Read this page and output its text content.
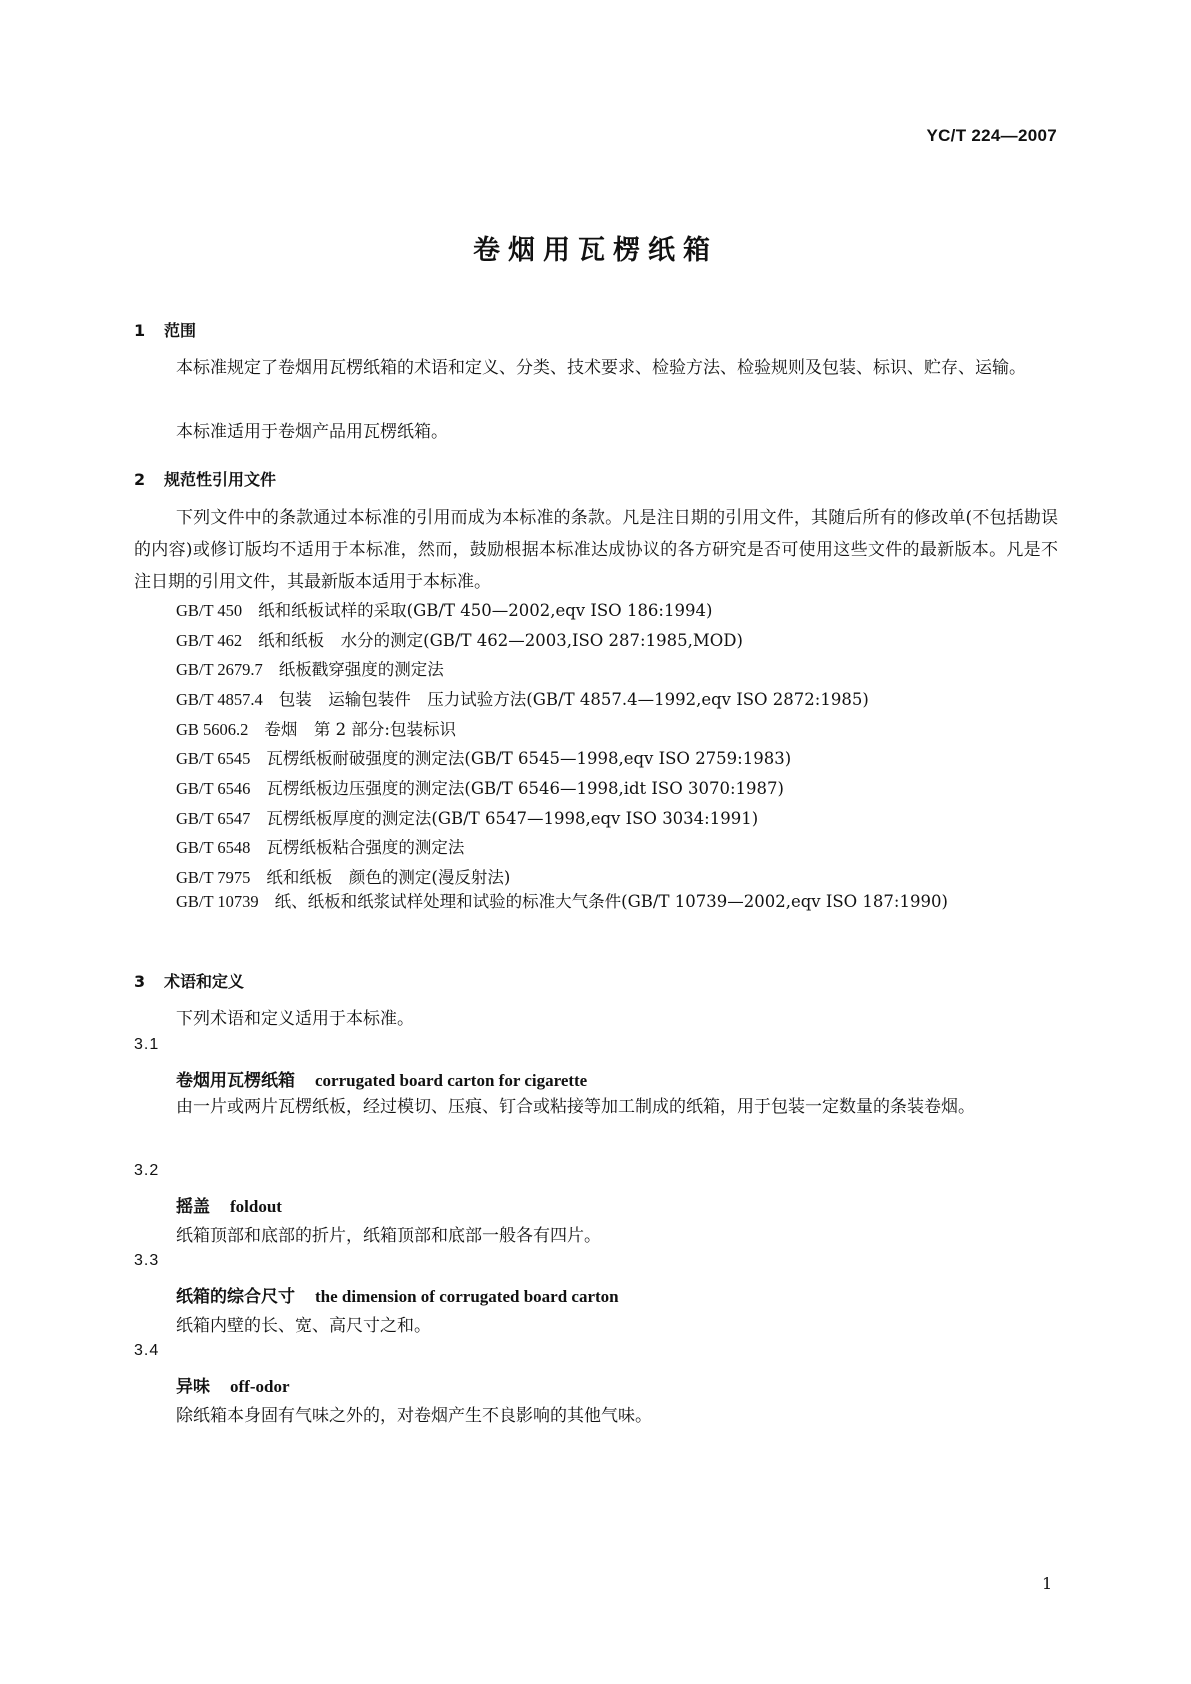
YC/T 224—2007
卷烟用瓦楞纸箱
1 范围
本标准规定了卷烟用瓦楞纸箱的术语和定义、分类、技术要求、检验方法、检验规则及包装、标识、贮存、运输。
本标准适用于卷烟产品用瓦楞纸箱。
2 规范性引用文件
下列文件中的条款通过本标准的引用而成为本标准的条款。凡是注日期的引用文件，其随后所有的修改单(不包括勘误的内容)或修订版均不适用于本标准，然而，鼓励根据本标准达成协议的各方研究是否可使用这些文件的最新版本。凡是不注日期的引用文件，其最新版本适用于本标准。
GB/T 450 纸和纸板试样的采取(GB/T 450—2002,eqv ISO 186:1994)
GB/T 462 纸和纸板　水分的测定(GB/T 462—2003,ISO 287:1985,MOD)
GB/T 2679.7 纸板戳穿强度的测定法
GB/T 4857.4 包装　运输包装件　压力试验方法(GB/T 4857.4—1992,eqv ISO 2872:1985)
GB 5606.2 卷烟　第 2 部分:包装标识
GB/T 6545 瓦楞纸板耐破强度的测定法(GB/T 6545—1998,eqv ISO 2759:1983)
GB/T 6546 瓦楞纸板边压强度的测定法(GB/T 6546—1998,idt ISO 3070:1987)
GB/T 6547 瓦楞纸板厚度的测定法(GB/T 6547—1998,eqv ISO 3034:1991)
GB/T 6548 瓦楞纸板粘合强度的测定法
GB/T 7975 纸和纸板　颜色的测定(漫反射法)
GB/T 10739 纸、纸板和纸浆试样处理和试验的标准大气条件(GB/T 10739—2002,eqv ISO 187:1990)
3 术语和定义
下列术语和定义适用于本标准。
3.1
卷烟用瓦楞纸箱 corrugated board carton for cigarette
由一片或两片瓦楞纸板，经过模切、压痕、钉合或粘接等加工制成的纸箱，用于包装一定数量的条装卷烟。
3.2
摇盖 foldout
纸箱顶部和底部的折片，纸箱顶部和底部一般各有四片。
3.3
纸箱的综合尺寸 the dimension of corrugated board carton
纸箱内壁的长、宽、高尺寸之和。
3.4
异味 off-odor
除纸箱本身固有气味之外的，对卷烟产生不良影响的其他气味。
1
